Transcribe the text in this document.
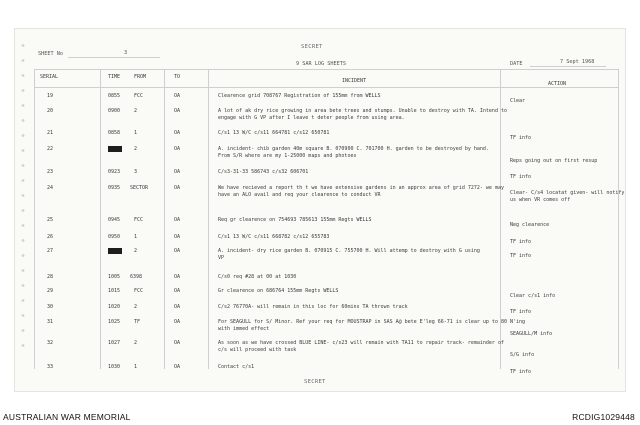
SECRET
SHEET No	3
9 SAR LOG SHEETS	DATE	7 Sept 1968
SERIAL	TIME	FROM	TO
INCIDENT	ACTION
19	0855	FCC	OA	Clearence grid 708767 Registration of 155mm from WELLS
Clear
20	0900	2	OA	A lot of ak dry rice growing in area bete trees and stumps. Unable to destroy with TA. Intend to
engage with G VP after I leave t deter people from using area.
21	0858	1	OA	C/s1 13 W/C c/s11 664781 c/s12 650781
TF info
22	0915	2	OA	A. incident- chib garden 40m square B. 070900 C. 701700 H. garden to be destroyed by hand.
From S/R where are my 1-25000 maps and photoes
Reps going out on first resup
23	0923	3	OA	C/s3-31-33 586743 c/s32 606701
TF info
24	0935 SECTOR	OA	We have recieved a report th t we have extensive gardens in an approx area of grid 7272- we may
have an ALO avail and req your clearence to conduct VR	Clear- C/s4 locatat given- will notify
us when VR comes off
25	0945	FCC	OA	Req gr clearence on 754693 785613 155mm Regts WELLS
Neg clearence
26	0950	1	OA	C/s1 13 W/C c/s11 668782 c/s12 655783
TF info
27	0951	2	OA	A. incident- dry rice garden B. 070915 C. 755700 H. Will attemp to destroy with G using
VP	TF info
28	1005 6398	OA	C/s0 req #28 at 00 at 1030
29	1015	FCC	OA	Gr clearence on 686764 155mm Regts WELLS
Clear c/s1 info
30	1020	2	OA	C/s2 76770A- will remain in this loc for 60mins TA thrown track
TF info
31	1025	TF	OA	For SEAGULL for S/ Minor. Ref your req for MOUSTRAP in SAS A@ bete E'leg 66-71 is clear up to 80 N'ing
with immed effect
SEAGULL/M info
32	1027	2	OA	As soon as we have crossed BLUE LINE- c/s23 will remain with TA11 to repair track- remainder of
c/s will proceed with task
S/G info
33	1030	1	OA	Contact c/s1
TF info
SECRET
AUSTRALIAN WAR MEMORIAL	RCDIG1029448
